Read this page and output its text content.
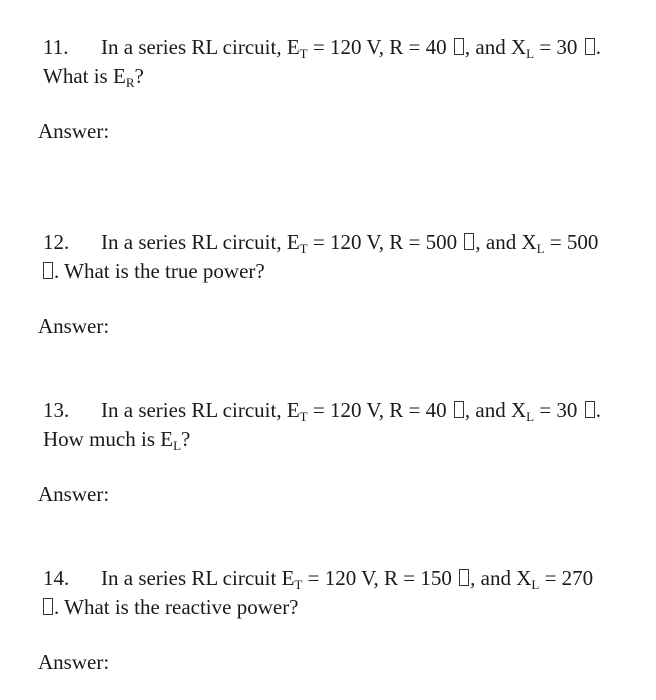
11. In a series RL circuit, $E_T = 120$ V, R = 40 , and $X_L = 30$ .
What is $E_R$?
Answer:
12. In a series RL circuit, $E_T = 120$ V, R = 500 , and $X_L = 500$
. What is the true power?
Answer:
13. In a series RL circuit, $E_T = 120$ V, R = 40 , and $X_L = 30$ .
How much is $E_L$?
Answer:
14. In a series RL circuit $E_T = 120$ V, R = 150 , and $X_L = 270$
. What is the reactive power?
Answer:
